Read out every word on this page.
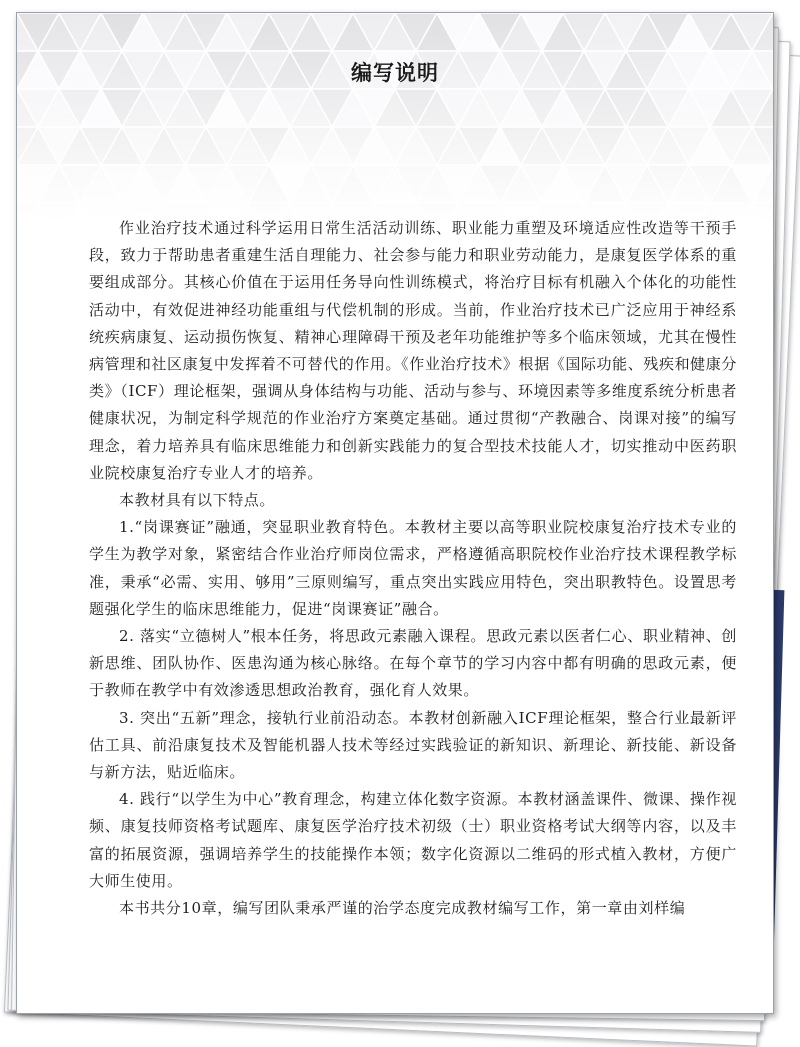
编写说明

作业治疗技术通过科学运用日常生活活动训练、职业能力重塑及环境适应性改造等干预手段，致力于帮助患者重建生活自理能力、社会参与能力和职业劳动能力，是康复医学体系的重要组成部分。其核心价值在于运用任务导向性训练模式，将治疗目标有机融入个体化的功能性活动中，有效促进神经功能重组与代偿机制的形成。当前，作业治疗技术已广泛应用于神经系统疾病康复、运动损伤恢复、精神心理障碍干预及老年功能维护等多个临床领域，尤其在慢性病管理和社区康复中发挥着不可替代的作用。《作业治疗技术》根据《国际功能、残疾和健康分类》（ICF）理论框架，强调从身体结构与功能、活动与参与、环境因素等多维度系统分析患者健康状况，为制定科学规范的作业治疗方案奠定基础。通过贯彻“产教融合、岗课对接”的编写理念，着力培养具有临床思维能力和创新实践能力的复合型技术技能人才，切实推动中医药职业院校康复治疗专业人才的培养。

本教材具有以下特点。

1.“岗课赛证”融通，突显职业教育特色。本教材主要以高等职业院校康复治疗技术专业的学生为教学对象，紧密结合作业治疗师岗位需求，严格遵循高职院校作业治疗技术课程教学标准，秉承“必需、实用、够用”三原则编写，重点突出实践应用特色，突出职教特色。设置思考题强化学生的临床思维能力，促进“岗课赛证”融合。

2. 落实“立德树人”根本任务，将思政元素融入课程。思政元素以医者仁心、职业精神、创新思维、团队协作、医患沟通为核心脉络。在每个章节的学习内容中都有明确的思政元素，便于教师在教学中有效渗透思想政治教育，强化育人效果。

3. 突出“五新”理念，接轨行业前沿动态。本教材创新融入ICF理论框架，整合行业最新评估工具、前沿康复技术及智能机器人技术等经过实践验证的新知识、新理论、新技能、新设备与新方法，贴近临床。

4. 践行“以学生为中心”教育理念，构建立体化数字资源。本教材涵盖课件、微课、操作视频、康复技师资格考试题库、康复医学治疗技术初级（士）职业资格考试大纲等内容，以及丰富的拓展资源，强调培养学生的技能操作本领；数字化资源以二维码的形式植入教材，方便广大师生使用。

本书共分10章，编写团队秉承严谨的治学态度完成教材编写工作，第一章由刘样编
